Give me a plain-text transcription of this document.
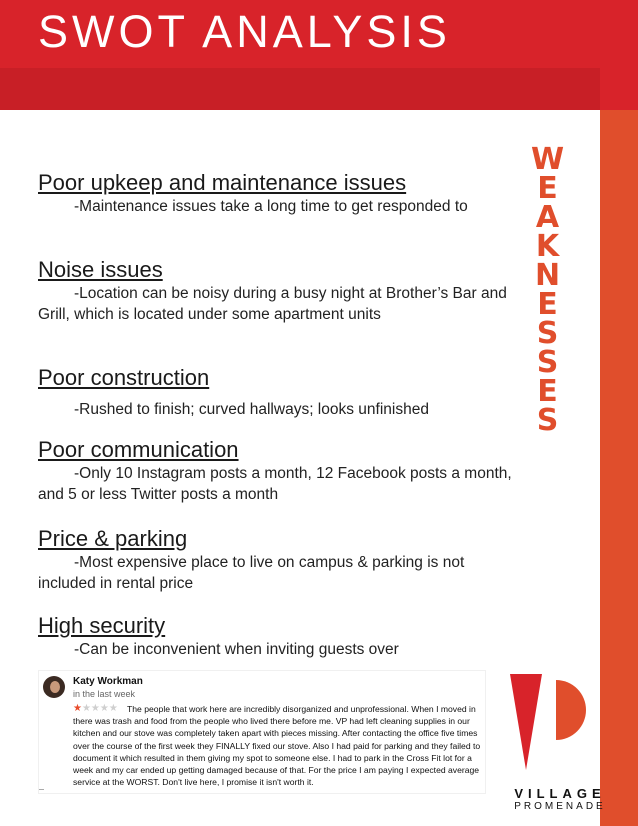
SWOT ANALYSIS
WEAKNESSES

Poor upkeep and maintenance issues

-Maintenance issues take a long time to get responded to

Noise issues

-Location can be noisy during a busy night at Brother’s Bar and Grill, which is located under some apartment units

Poor construction

-Rushed to finish; curved hallways; looks unfinished

Poor communication

-Only 10 Instagram posts a month, 12 Facebook posts a month, and 5 or less Twitter posts a month

Price & parking

-Most expensive place to live on campus & parking is not included in rental price

High security

-Can be inconvenient when inviting guests over

Katy Workman
in the last week
★★★★★	The people that work here are incredibly disorganized and unprofessional. When I moved in there was trash and food from the people who lived there before me. VP had left cleaning supplies in our kitchen and our stove was completely taken apart with pieces missing. After contacting the office five times over the course of the first week they FINALLY fixed our stove. Also I had paid for parking and they failed to document it which resulted in them giving my spot to someone else. I had to park in the Cross Fit lot for a week and my car ended up getting damaged because of that. For the price I am paying I expected average service at the WORST. Don't live here, I promise it isn't worth it.
VILLAGE
PROMENADE
